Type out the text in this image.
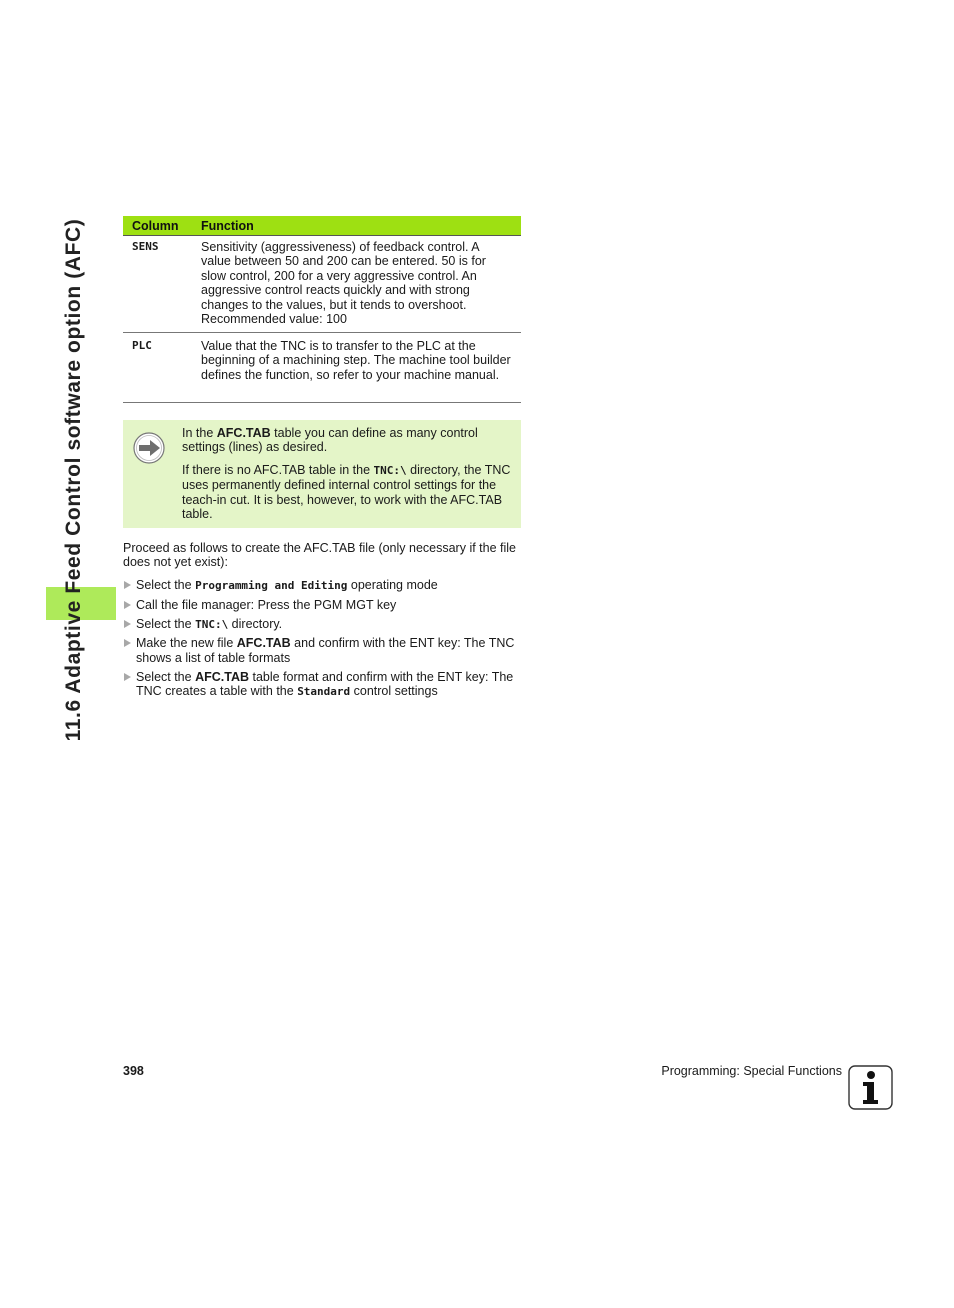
11.6 Adaptive Feed Control software option (AFC)	Column	Function
SENS	Sensitivity (aggressiveness) of feedback control. A value between 50 and 200 can be entered. 50 is for slow control, 200 for a very aggressive control. An aggressive control reacts quickly and with strong changes to the values, but it tends to overshoot. Recommended value: 100
PLC	Value that the TNC is to transfer to the PLC at the beginning of a machining step. The machine tool builder defines the function, so refer to your machine manual.

In the AFC.TAB table you can define as many control settings (lines) as desired.

If there is no AFC.TAB table in the TNC:\ directory, the TNC uses permanently defined internal control settings for the teach-in cut. It is best, however, to work with the AFC.TAB table.

Proceed as follows to create the AFC.TAB file (only necessary if the file does not yet exist):

Select the Programming and Editing operating mode
Call the file manager: Press the PGM MGT key
Select the TNC:\ directory.
Make the new file AFC.TAB and confirm with the ENT key: The TNC shows a list of table formats
Select the AFC.TAB table format and confirm with the ENT key: The TNC creates a table with the Standard control settings
398	Programming: Special Functions
